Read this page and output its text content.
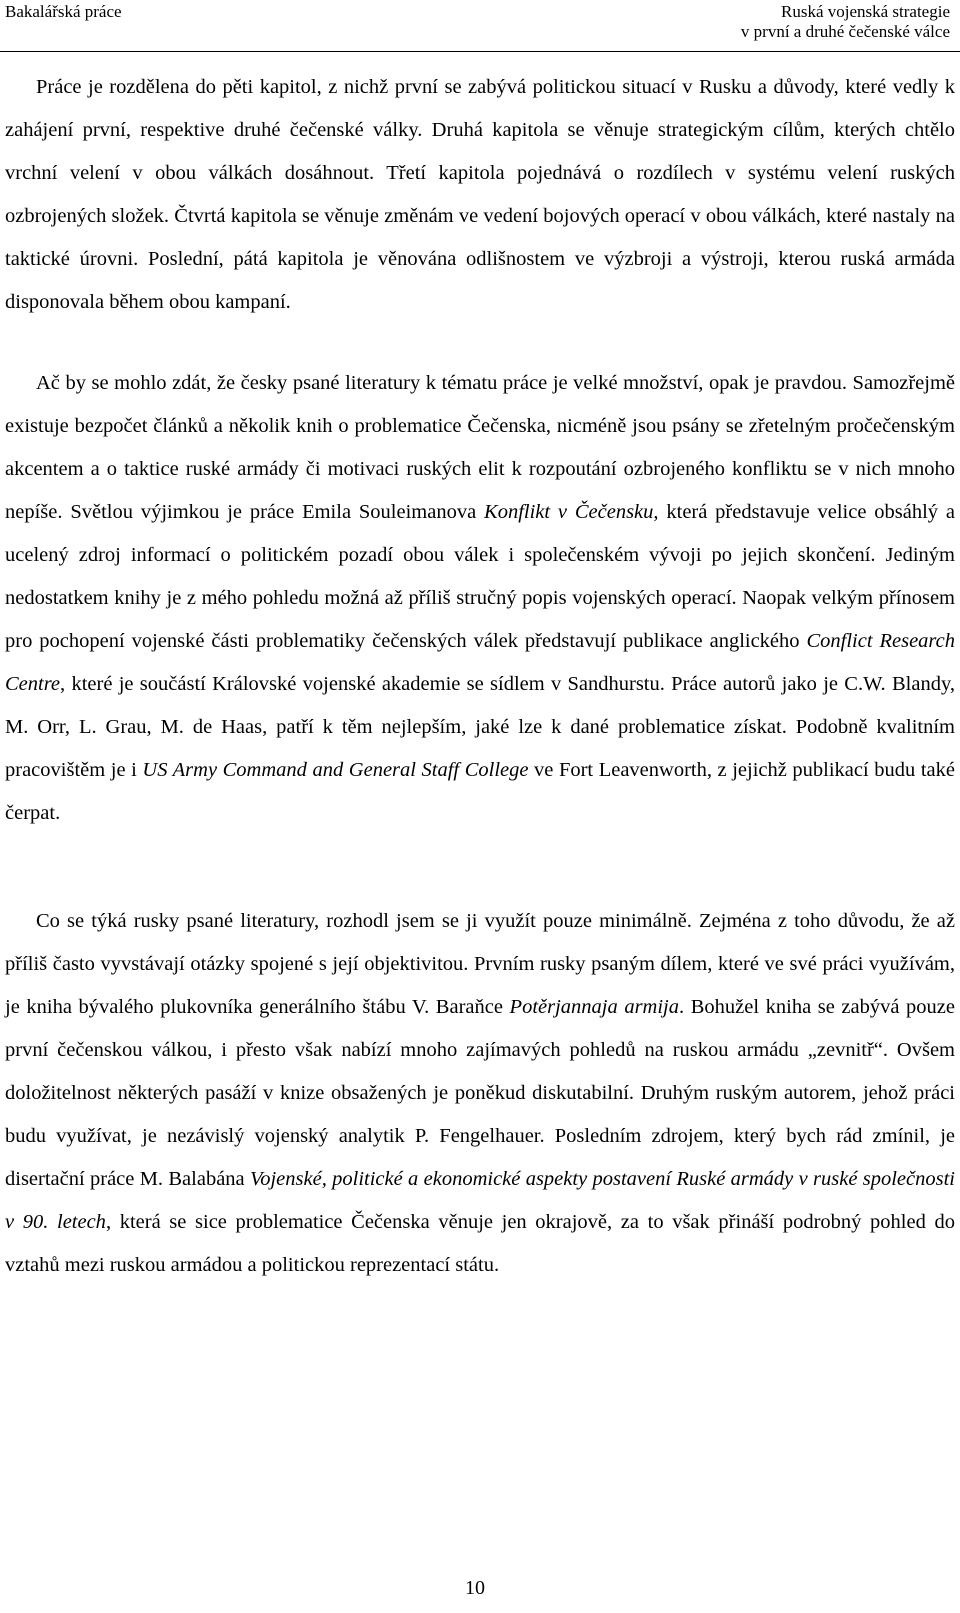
Bakalářská práce	Ruská vojenská strategie
v první a druhé čečenské válce

Práce je rozdělena do pěti kapitol, z nichž první se zabývá politickou situací v Rusku a důvody, které vedly k zahájení první, respektive druhé čečenské války. Druhá kapitola se věnuje strategickým cílům, kterých chtělo vrchní velení v obou válkách dosáhnout. Třetí kapitola pojednává o rozdílech v systému velení ruských ozbrojených složek. Čtvrtá kapitola se věnuje změnám ve vedení bojových operací v obou válkách, které nastaly na taktické úrovni. Poslední, pátá kapitola je věnována odlišnostem ve výzbroji a výstroji, kterou ruská armáda disponovala během obou kampaní.

Ač by se mohlo zdát, že česky psané literatury k tématu práce je velké množství, opak je pravdou. Samozřejmě existuje bezpočet článků a několik knih o problematice Čečenska, nicméně jsou psány se zřetelným pročečenským akcentem a o taktice ruské armády či motivaci ruských elit k rozpoutání ozbrojeného konfliktu se v nich mnoho nepíše. Světlou výjimkou je práce Emila Souleimanova Konflikt v Čečensku, která představuje velice obsáhlý a ucelený zdroj informací o politickém pozadí obou válek i společenském vývoji po jejich skončení. Jediným nedostatkem knihy je z mého pohledu možná až příliš stručný popis vojenských operací. Naopak velkým přínosem pro pochopení vojenské části problematiky čečenských válek představují publikace anglického Conflict Research Centre, které je součástí Královské vojenské akademie se sídlem v Sandhurstu. Práce autorů jako je C.W. Blandy, M. Orr, L. Grau, M. de Haas, patří k těm nejlepším, jaké lze k dané problematice získat. Podobně kvalitním pracovištěm je i US Army Command and General Staff College ve Fort Leavenworth, z jejichž publikací budu také čerpat.

Co se týká rusky psané literatury, rozhodl jsem se ji využít pouze minimálně. Zejména z toho důvodu, že až příliš často vyvstávají otázky spojené s její objektivitou. Prvním rusky psaným dílem, které ve své práci využívám, je kniha bývalého plukovníka generálního štábu V. Baraňce Potěrjannaja armija. Bohužel kniha se zabývá pouze první čečenskou válkou, i přesto však nabízí mnoho zajímavých pohledů na ruskou armádu „zevnitř“. Ovšem doložitelnost některých pasáží v knize obsažených je poněkud diskutabilní. Druhým ruským autorem, jehož práci budu využívat, je nezávislý vojenský analytik P. Fengelhauer. Posledním zdrojem, který bych rád zmínil, je disertační práce M. Balabána Vojenské, politické a ekonomické aspekty postavení Ruské armády v ruské společnosti v 90. letech, která se sice problematice Čečenska věnuje jen okrajově, za to však přináší podrobný pohled do vztahů mezi ruskou armádou a politickou reprezentací státu.

10
